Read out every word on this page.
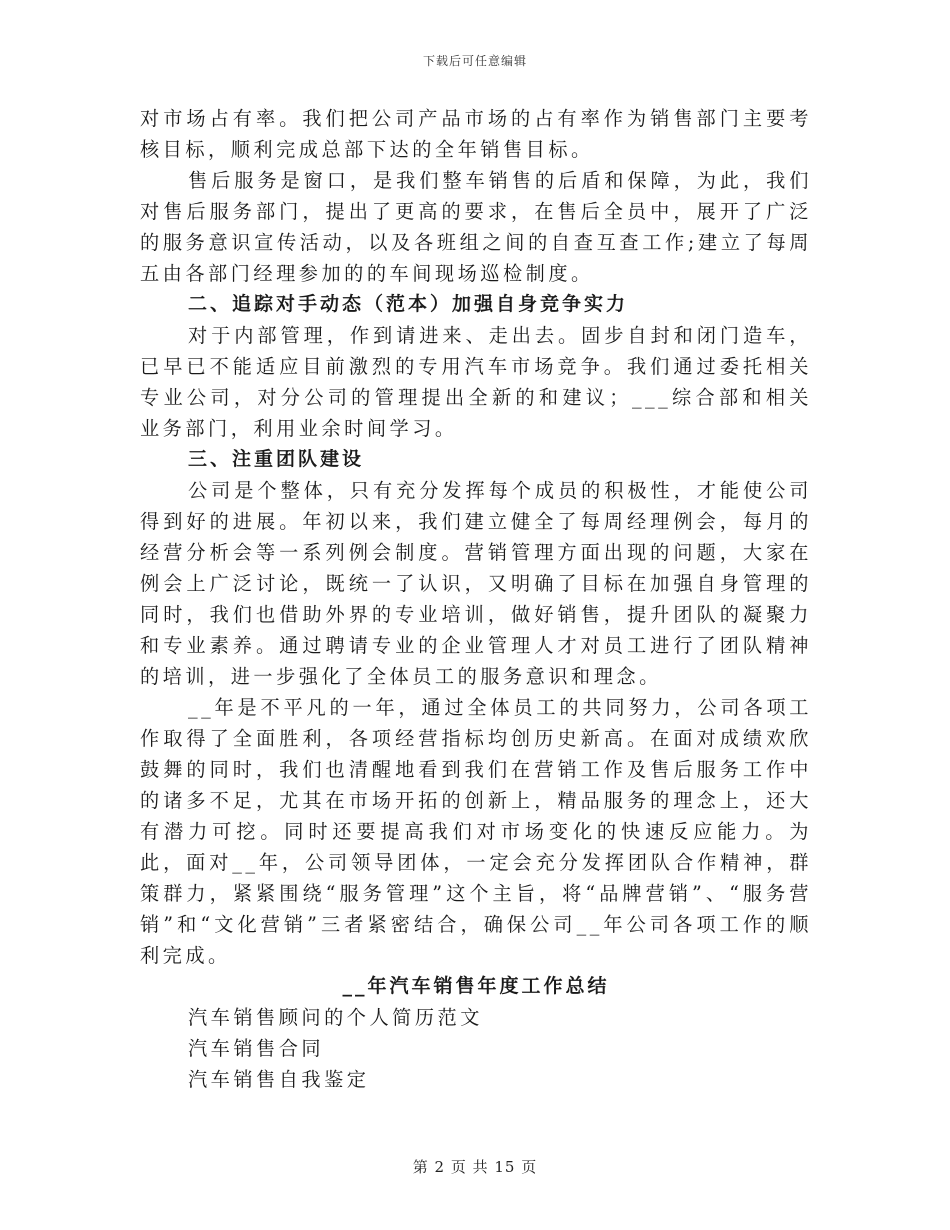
下载后可任意编辑

对市场占有率。我们把公司产品市场的占有率作为销售部门主要考核目标，顺利完成总部下达的全年销售目标。

售后服务是窗口，是我们整车销售的后盾和保障，为此，我们对售后服务部门，提出了更高的要求，在售后全员中，展开了广泛的服务意识宣传活动，以及各班组之间的自查互查工作;建立了每周五由各部门经理参加的的车间现场巡检制度。

二、追踪对手动态（范本）加强自身竞争实力

对于内部管理，作到请进来、走出去。固步自封和闭门造车，已早已不能适应目前激烈的专用汽车市场竞争。我们通过委托相关专业公司，对分公司的管理提出全新的和建议；___综合部和相关业务部门，利用业余时间学习。

三、注重团队建设

公司是个整体，只有充分发挥每个成员的积极性，才能使公司得到好的进展。年初以来，我们建立健全了每周经理例会，每月的经营分析会等一系列例会制度。营销管理方面出现的问题，大家在例会上广泛讨论，既统一了认识，又明确了目标在加强自身管理的同时，我们也借助外界的专业培训，做好销售，提升团队的凝聚力和专业素养。通过聘请专业的企业管理人才对员工进行了团队精神的培训，进一步强化了全体员工的服务意识和理念。

__年是不平凡的一年，通过全体员工的共同努力，公司各项工作取得了全面胜利，各项经营指标均创历史新高。在面对成绩欢欣鼓舞的同时，我们也清醒地看到我们在营销工作及售后服务工作中的诸多不足，尤其在市场开拓的创新上，精品服务的理念上，还大有潜力可挖。同时还要提高我们对市场变化的快速反应能力。为此，面对__年，公司领导团体，一定会充分发挥团队合作精神，群策群力，紧紧围绕“服务管理”这个主旨，将“品牌营销”、“服务营销”和“文化营销”三者紧密结合，确保公司__年公司各项工作的顺利完成。

__年汽车销售年度工作总结

汽车销售顾问的个人简历范文

汽车销售合同

汽车销售自我鉴定

第 2 页 共 15 页
